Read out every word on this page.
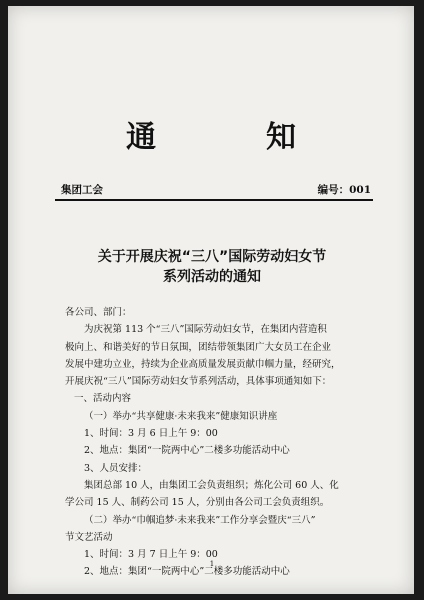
通知
集团工会	编号：001
关于开展庆祝“三八”国际劳动妇女节
系列活动的通知
各公司、部门：
为庆祝第 113 个“三八”国际劳动妇女节，在集团内营造积
极向上、和谐美好的节日氛围，团结带领集团广大女员工在企业
发展中建功立业，持续为企业高质量发展贡献巾帼力量，经研究，
开展庆祝“三八”国际劳动妇女节系列活动，具体事项通知如下：
一、活动内容
（一）举办“共享健康·未来我来”健康知识讲座
1、时间：3 月 6 日上午 9：00
2、地点：集团“一院两中心”二楼多功能活动中心
3、人员安排：
集团总部 10 人，由集团工会负责组织；炼化公司 60 人、化
学公司 15 人、制药公司 15 人，分别由各公司工会负责组织。
（二）举办“巾帼追梦·未来我来”工作分享会暨庆“三八”
节文艺活动
1、时间：3 月 7 日上午 9：00
2、地点：集团“一院两中心”二楼多功能活动中心
1
